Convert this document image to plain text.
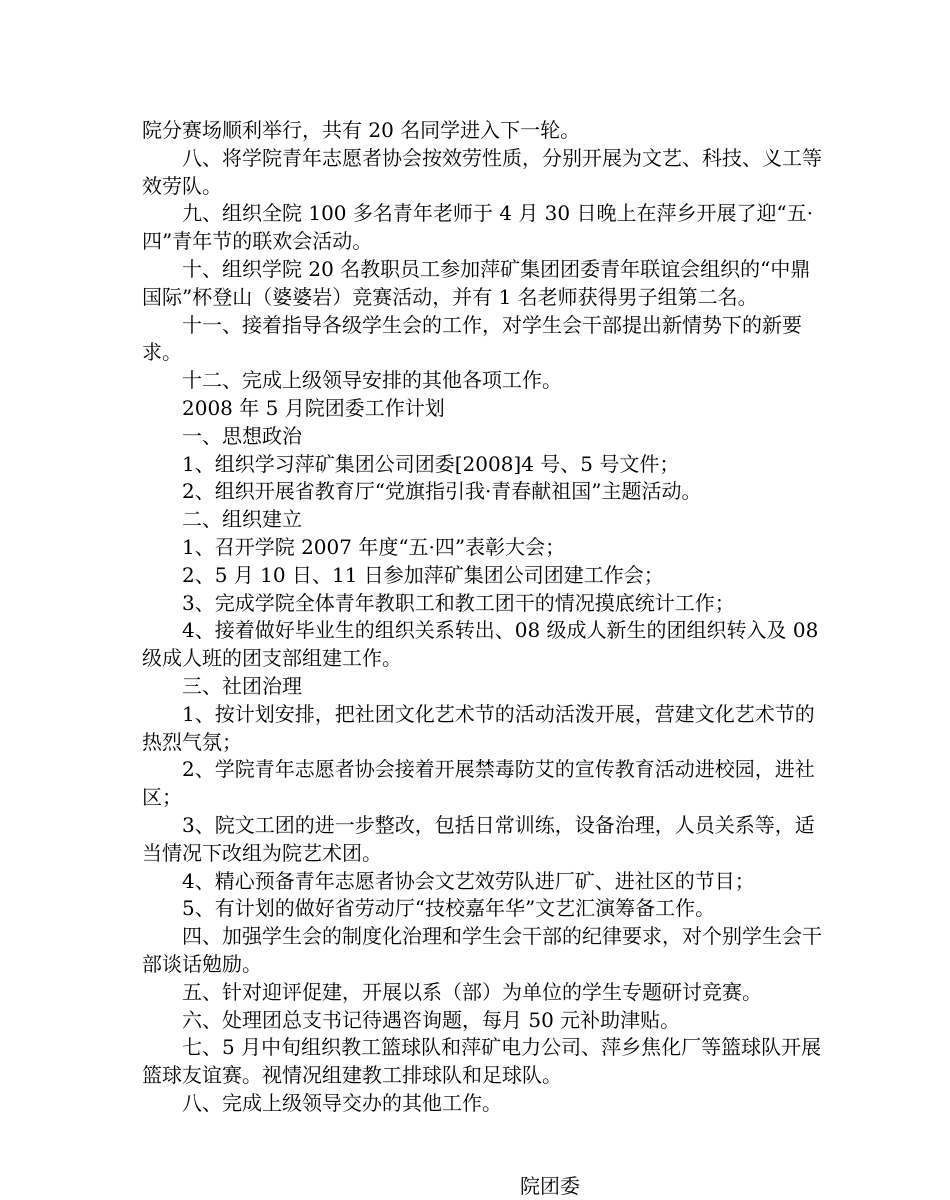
院分赛场顺利举行，共有 20 名同学进入下一轮。

八、将学院青年志愿者协会按效劳性质，分别开展为文艺、科技、义工等效劳队。

九、组织全院 100 多名青年老师于 4 月 30 日晚上在萍乡开展了迎“五·四”青年节的联欢会活动。

十、组织学院 20 名教职员工参加萍矿集团团委青年联谊会组织的“中鼎国际”杯登山（婆婆岩）竞赛活动，并有 1 名老师获得男子组第二名。

十一、接着指导各级学生会的工作，对学生会干部提出新情势下的新要求。

十二、完成上级领导安排的其他各项工作。

2008 年 5 月院团委工作计划

一、思想政治

1、组织学习萍矿集团公司团委[2008]4 号、5 号文件；

2、组织开展省教育厅“党旗指引我·青春献祖国”主题活动。

二、组织建立

1、召开学院 2007 年度“五·四”表彰大会；

2、5 月 10 日、11 日参加萍矿集团公司团建工作会；

3、完成学院全体青年教职工和教工团干的情况摸底统计工作；

4、接着做好毕业生的组织关系转出、08 级成人新生的团组织转入及 08 级成人班的团支部组建工作。

三、社团治理

1、按计划安排，把社团文化艺术节的活动活泼开展，营建文化艺术节的热烈气氛；

2、学院青年志愿者协会接着开展禁毒防艾的宣传教育活动进校园，进社区；

3、院文工团的进一步整改，包括日常训练，设备治理，人员关系等，适当情况下改组为院艺术团。

4、精心预备青年志愿者协会文艺效劳队进厂矿、进社区的节目；

5、有计划的做好省劳动厅“技校嘉年华”文艺汇演筹备工作。

四、加强学生会的制度化治理和学生会干部的纪律要求，对个别学生会干部谈话勉励。

五、针对迎评促建，开展以系（部）为单位的学生专题研讨竞赛。

六、处理团总支书记待遇咨询题，每月 50 元补助津贴。

七、5 月中旬组织教工篮球队和萍矿电力公司、萍乡焦化厂等篮球队开展篮球友谊赛。视情况组建教工排球队和足球队。

八、完成上级领导交办的其他工作。

院团委
